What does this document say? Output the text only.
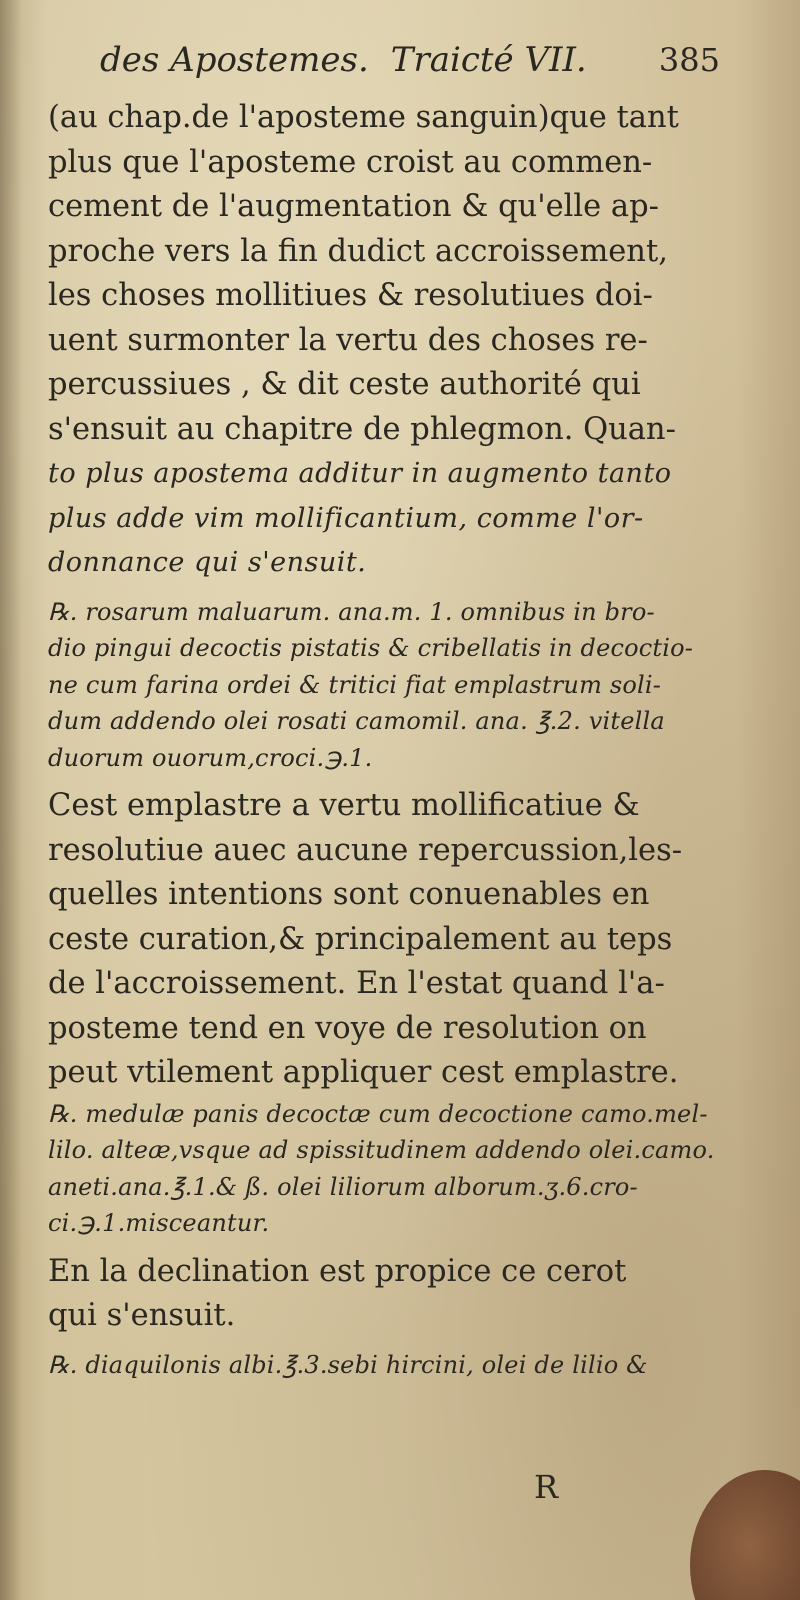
des Apostemes. Traicté VII. 385
(au chap.de l'aposteme sanguin)que tant
plus que l'aposteme croist au commen-
cement de l'augmentation & qu'elle ap-
proche vers la fin dudict accroissement,
les choses mollitiues & resolutiues doi-
uent surmonter la vertu des choses re-
percussiues , & dit ceste authorité qui
s'ensuit au chapitre de phlegmon. Quan-
to plus apostema additur in augmento tanto
plus adde vim mollificantium, comme l'or-
donnance qui s'ensuit.
℞. rosarum maluarum. ana.m. 1. omnibus in bro-
dio pingui decoctis pistatis & cribellatis in decoctio-
ne cum farina ordei & tritici fiat emplastrum soli-
dum addendo olei rosati camomil. ana. ℥.2. vitella
duorum ouorum,croci.℈.1.
Cest emplastre a vertu mollificatiue &
resolutiue auec aucune repercussion,les-
quelles intentions sont conuenables en
ceste curation,& principalement au teps
de l'accroissement. En l'estat quand l'a-
posteme tend en voye de resolution on
peut vtilement appliquer cest emplastre.
℞. medulæ panis decoctæ cum decoctione camo.mel-
lilo. alteæ,vsque ad spissitudinem addendo olei.camo.
aneti.ana.℥.1.& ß. olei liliorum alborum.ʒ.6.cro-
ci.℈.1.misceantur.
En la declination est propice ce cerot
qui s'ensuit.
℞. diaquilonis albi.℥.3.sebi hircini, olei de lilio &
R
